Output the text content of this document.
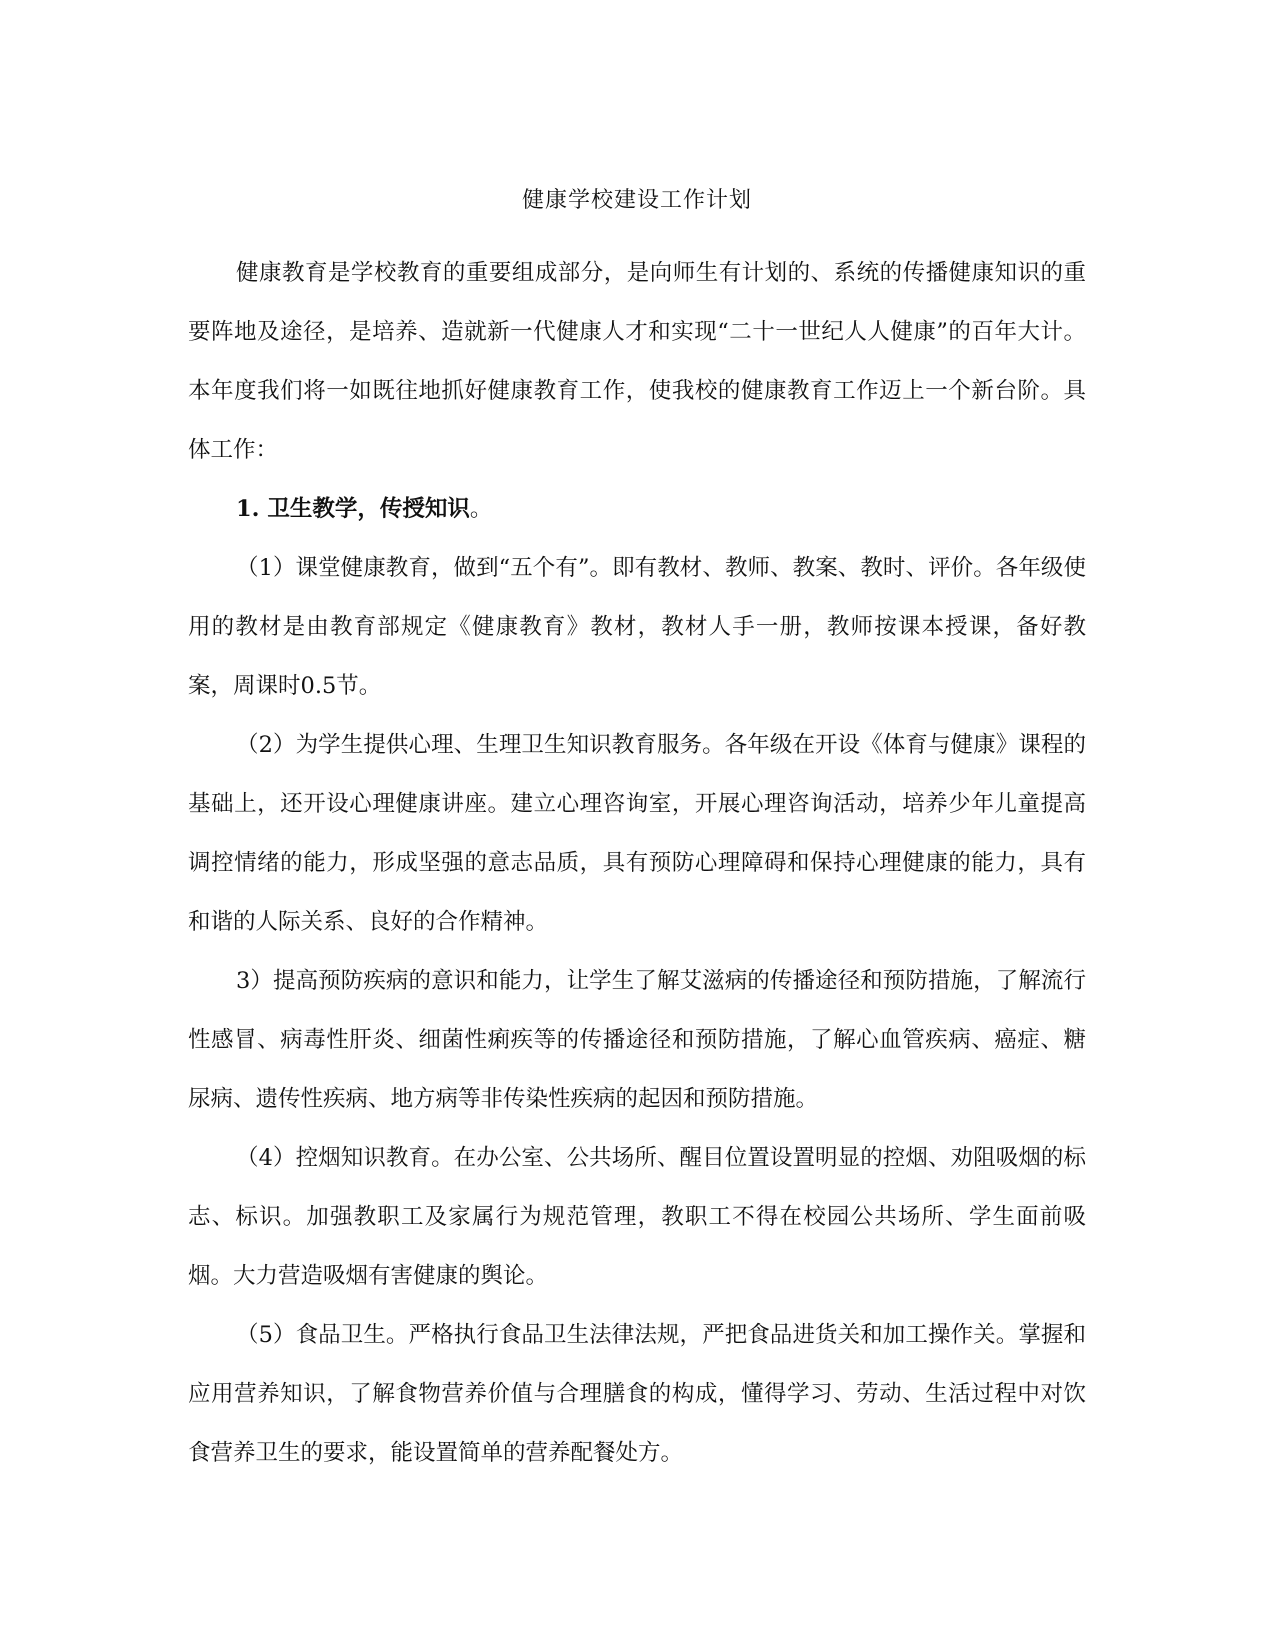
健康学校建设工作计划

健康教育是学校教育的重要组成部分，是向师生有计划的、系统的传播健康知识的重要阵地及途径，是培养、造就新一代健康人才和实现“二十一世纪人人健康”的百年大计。本年度我们将一如既往地抓好健康教育工作，使我校的健康教育工作迈上一个新台阶。具体工作：

1. 卫生教学，传授知识。

（1）课堂健康教育，做到“五个有”。即有教材、教师、教案、教时、评价。各年级使用的教材是由教育部规定《健康教育》教材，教材人手一册，教师按课本授课，备好教案，周课时0.5节。

（2）为学生提供心理、生理卫生知识教育服务。各年级在开设《体育与健康》课程的基础上，还开设心理健康讲座。建立心理咨询室，开展心理咨询活动，培养少年儿童提高调控情绪的能力，形成坚强的意志品质，具有预防心理障碍和保持心理健康的能力，具有和谐的人际关系、良好的合作精神。

3）提高预防疾病的意识和能力，让学生了解艾滋病的传播途径和预防措施，了解流行性感冒、病毒性肝炎、细菌性痢疾等的传播途径和预防措施，了解心血管疾病、癌症、糖尿病、遗传性疾病、地方病等非传染性疾病的起因和预防措施。

（4）控烟知识教育。在办公室、公共场所、醒目位置设置明显的控烟、劝阻吸烟的标志、标识。加强教职工及家属行为规范管理，教职工不得在校园公共场所、学生面前吸烟。大力营造吸烟有害健康的舆论。

（5）食品卫生。严格执行食品卫生法律法规，严把食品进货关和加工操作关。掌握和应用营养知识，了解食物营养价值与合理膳食的构成，懂得学习、劳动、生活过程中对饮食营养卫生的要求，能设置简单的营养配餐处方。
